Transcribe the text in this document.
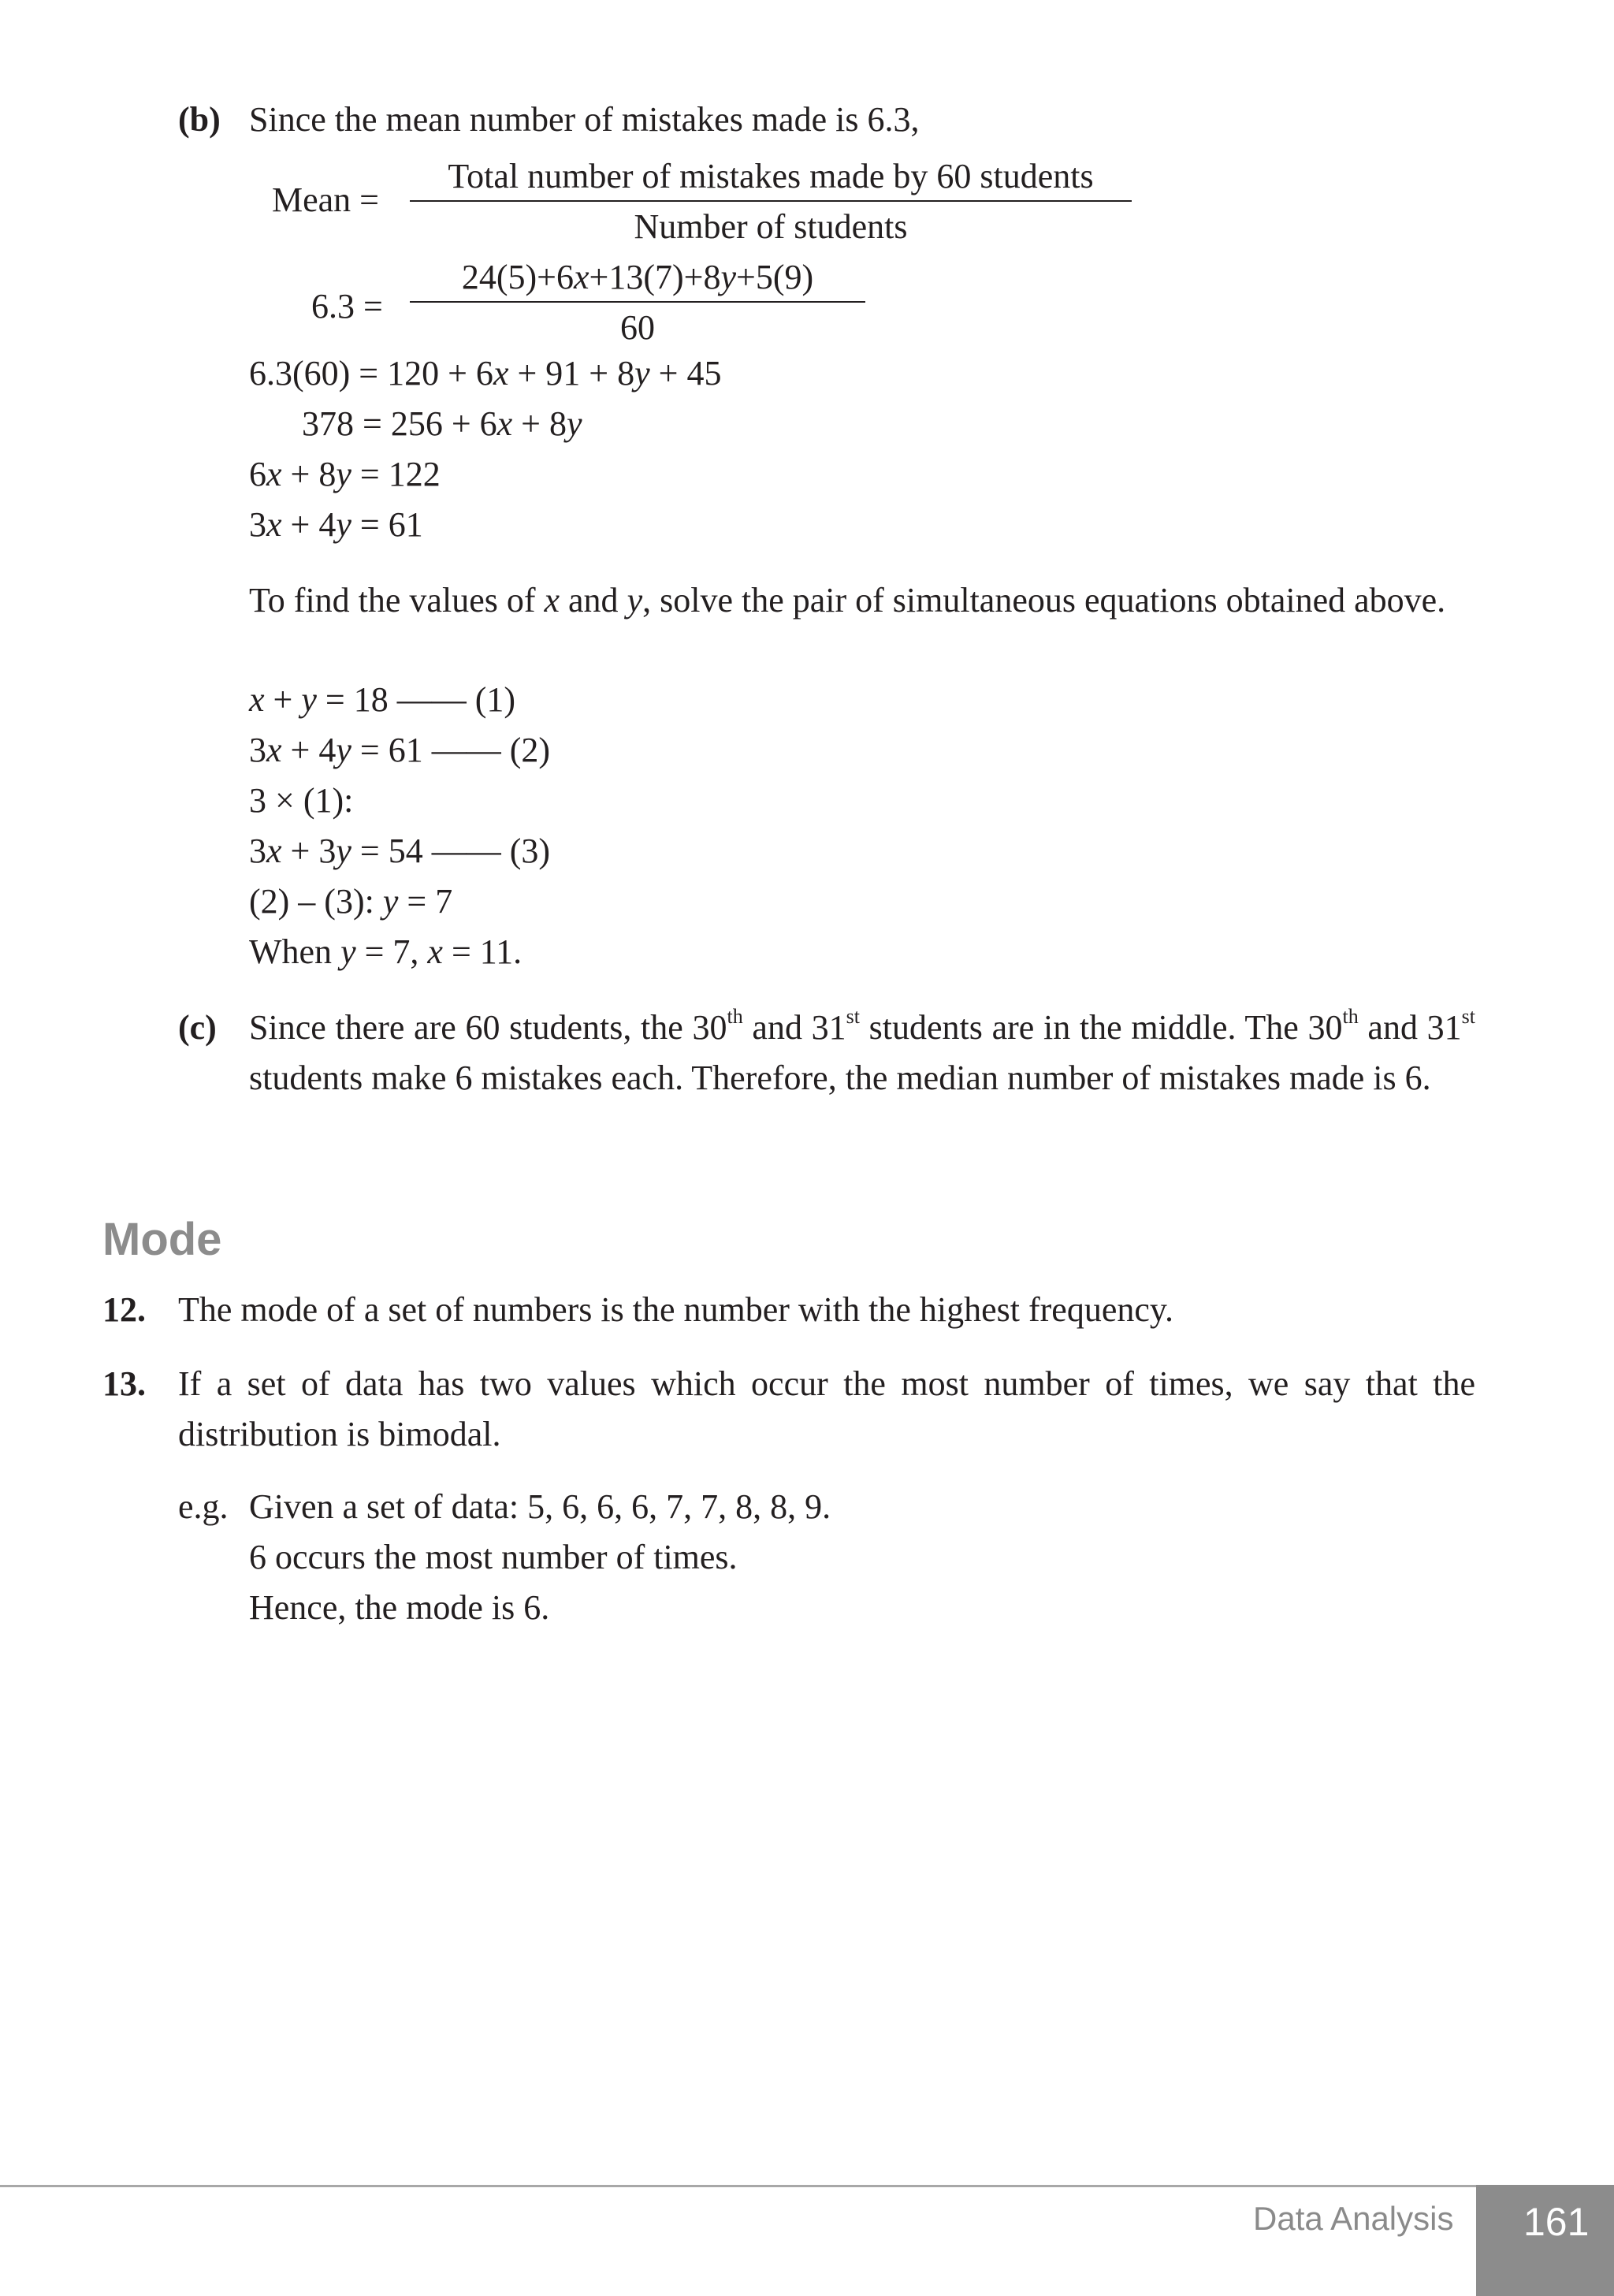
(b) Since the mean number of mistakes made is 6.3,
Mean =
Total number of mistakes made by 60 students
Number of students
$6.3 = \frac{24(5)+6x+13(7)+8y+5(9)}{60}$
6.3(60) = 120 + 6x + 91 + 8y + 45
378 = 256 + 6x + 8y
6x + 8y = 122
3x + 4y = 61

To find the values of x and y, solve the pair of simultaneous equations obtained above.

x + y = 18 —— (1)
3x + 4y = 61 —— (2)
3 × (1):
3x + 3y = 54 —— (3)
(2) – (3): y = 7
When y = 7, x = 11.
(c) Since there are 60 students, the 30th and 31st students are in the middle. The 30th and 31st students make 6 mistakes each. Therefore, the median number of mistakes made is 6.

Mode
12. The mode of a set of numbers is the number with the highest frequency.
13. If a set of data has two values which occur the most number of times, we say that the distribution is bimodal.

e.g. Given a set of data: 5, 6, 6, 6, 7, 7, 8, 8, 9.
6 occurs the most number of times.
Hence, the mode is 6.
Data Analysis 161
